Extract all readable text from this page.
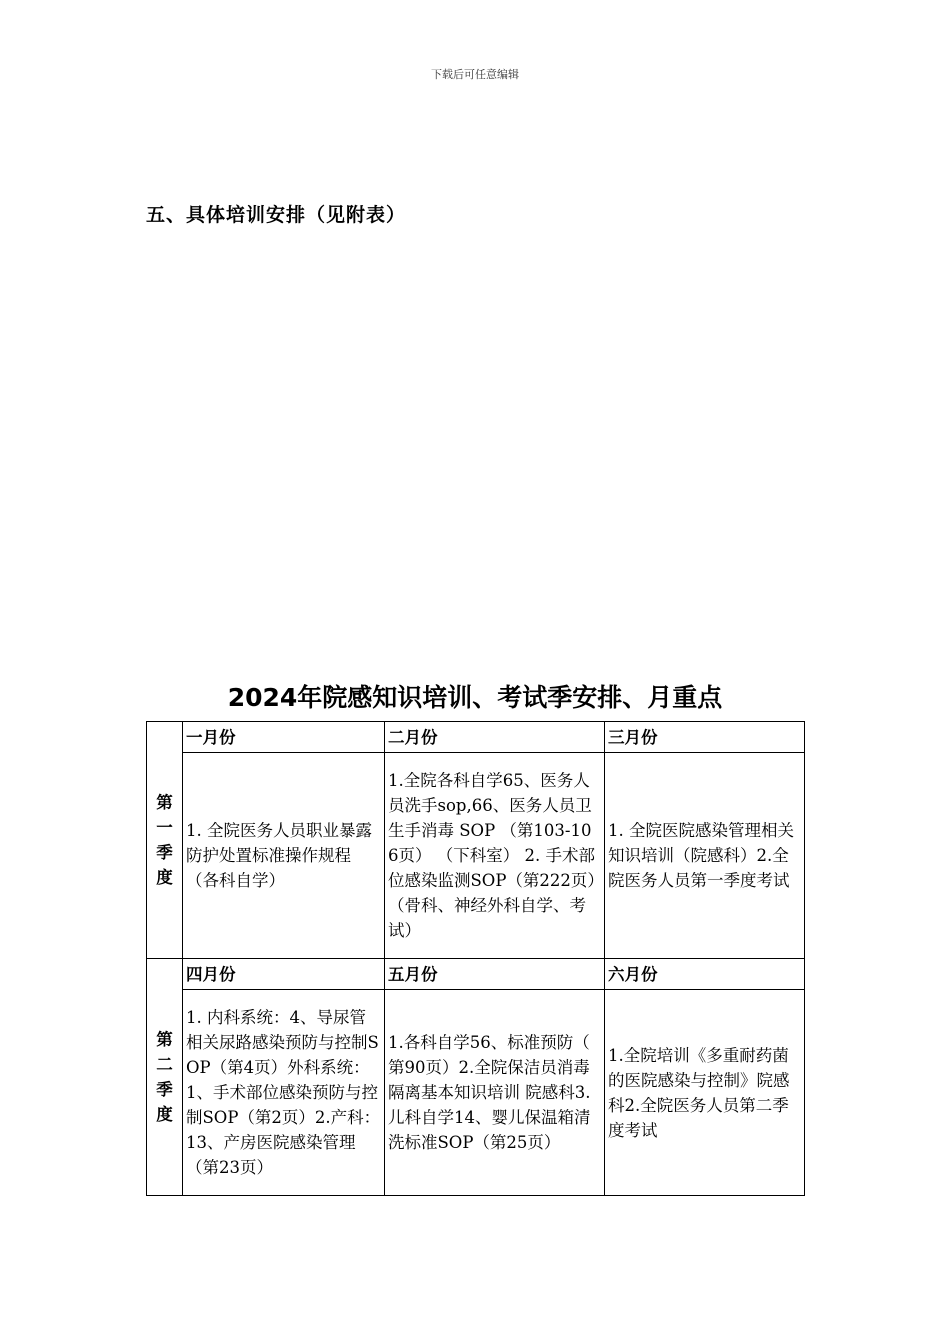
下载后可任意编辑
五、具体培训安排（见附表）
2024年院感知识培训、考试季安排、月重点
第一季度	一月份	二月份	三月份
	1. 全院医务人员职业暴露防护处置标准操作规程（各科自学）	1.全院各科自学65、医务人员洗手sop,66、医务人员卫生手消毒 SOP （第103-106页） （下科室） 2. 手术部位感染监测SOP（第222页）（骨科、神经外科自学、考试）	1. 全院医院感染管理相关知识培训（院感科）2.全院医务人员第一季度考试
第二季度	四月份	五月份	六月份
	1. 内科系统：4、导尿管相关尿路感染预防与控制SOP（第4页）外科系统：1、手术部位感染预防与控制SOP（第2页）2.产科：13、产房医院感染管理（第23页）	1.各科自学56、标准预防（ 第90页）2.全院保洁员消毒隔离基本知识培训 院感科3.儿科自学14、婴儿保温箱清洗标准SOP（第25页）	1.全院培训《多重耐药菌的医院感染与控制》院感科2.全院医务人员第二季度考试
